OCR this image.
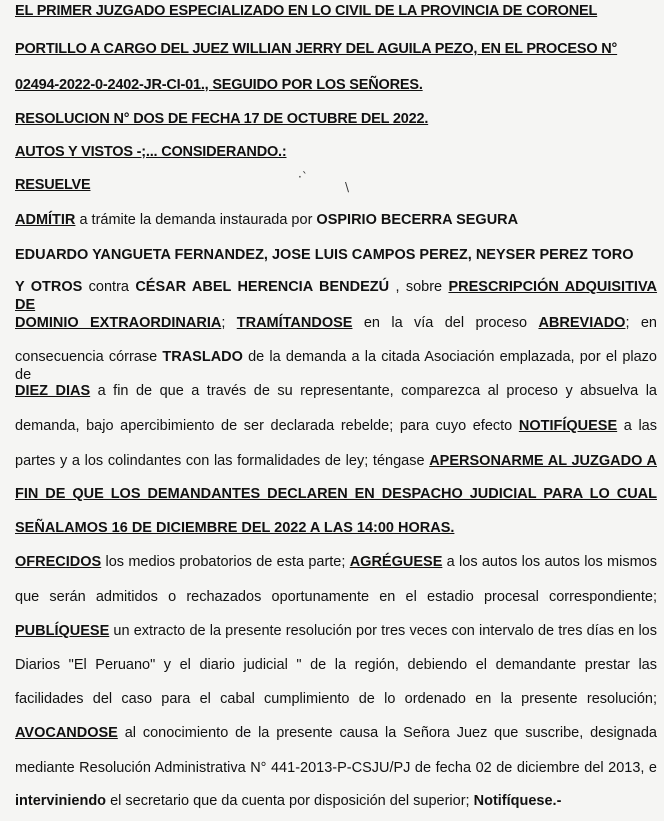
EL PRIMER JUZGADO ESPECIALIZADO EN LO CIVIL DE LA PROVINCIA DE CORONEL
PORTILLO A CARGO DEL JUEZ WILLIAN JERRY DEL AGUILA PEZO, EN EL PROCESO N°
02494-2022-0-2402-JR-CI-01., SEGUIDO POR LOS SEÑORES.
RESOLUCION N° DOS DE FECHA 17 DE OCTUBRE DEL 2022.
AUTOS Y VISTOS -;... CONSIDERANDO.:
RESUELVE	·`
\
ADMÍTIR a trámite la demanda instaurada por OSPIRIO BECERRA SEGURA
EDUARDO YANGUETA FERNANDEZ, JOSE LUIS CAMPOS PEREZ, NEYSER PEREZ TORO
Y OTROS contra CÉSAR ABEL HERENCIA BENDEZÚ , sobre PRESCRIPCIÓN ADQUISITIVA DE
DOMINIO EXTRAORDINARIA; TRAMÍTANDOSE en la vía del proceso ABREVIADO; en
consecuencia córrase TRASLADO de la demanda a la citada Asociación emplazada, por el plazo de
DIEZ DIAS a fin de que a través de su representante, comparezca al proceso y absuelva la
demanda, bajo apercibimiento de ser declarada rebelde; para cuyo efecto NOTIFÍQUESE a las
partes y a los colindantes con las formalidades de ley; téngase APERSONARME AL JUZGADO A
FIN DE QUE LOS DEMANDANTES DECLAREN EN DESPACHO JUDICIAL PARA LO CUAL
SEÑALAMOS 16 DE DICIEMBRE DEL 2022 A LAS 14:00 HORAS.
OFRECIDOS los medios probatorios de esta parte; AGRÉGUESE a los autos los autos los mismos
que serán admitidos o rechazados oportunamente en el estadio procesal correspondiente;
PUBLÍQUESE un extracto de la presente resolución por tres veces con intervalo de tres días en los
Diarios "El Peruano" y el diario judicial " de la región, debiendo el demandante prestar las
facilidades del caso para el cabal cumplimiento de lo ordenado en la presente resolución;
AVOCANDOSE al conocimiento de la presente causa la Señora Juez que suscribe, designada
mediante Resolución Administrativa N° 441-2013-P-CSJU/PJ de fecha 02 de diciembre del 2013, e
interviniendo el secretario que da cuenta por disposición del superior; Notifíquese.-
